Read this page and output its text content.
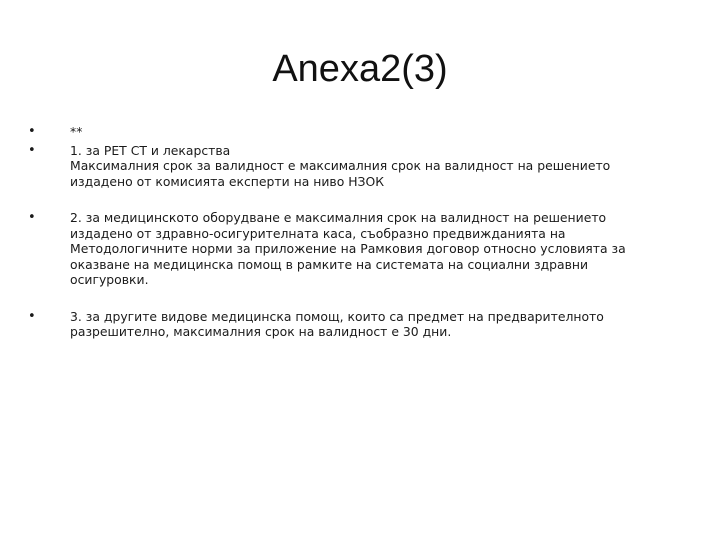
Anexa2(3)
•	**
•	1. за РЕТ СТ и лекарства
Максималния срок за валидност е максималния срок на валидност на решението
издадено от комисията експерти на ниво НЗОК
•	2. за медицинското оборудване е максималния срок на валидност на решението
издадено от здравно-осигурителната каса, съобразно предвижданията на
Методологичните норми за приложение на Рамковия договор относно условията за
оказване на медицинска помощ в рамките на системата на социални здравни
осигуровки.
•	3. за другите видове медицинска помощ, които са предмет на предварителното
разрешително, максималния срок на валидност е 30 дни.
